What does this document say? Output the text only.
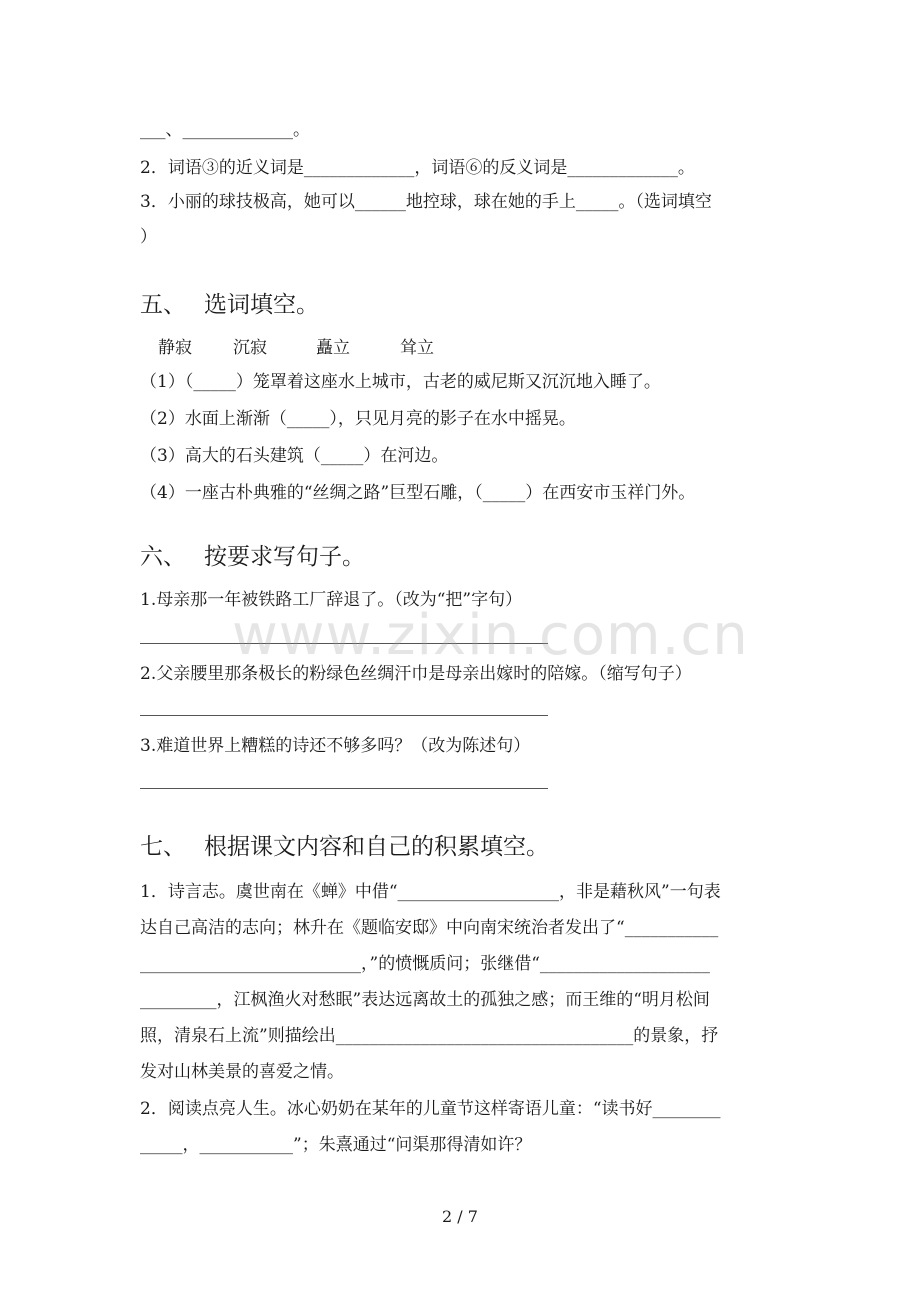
___、_____________。
2．词语③的近义词是_____________，词语⑥的反义词是_____________。
3．小丽的球技极高，她可以______地控球，球在她的手上_____。（选词填空
）
五、 选词填空。
静寂 沉寂	矗立	耸立
（1）（_____）笼罩着这座水上城市，古老的威尼斯又沉沉地入睡了。
（2）水面上渐渐（_____），只见月亮的影子在水中摇晃。
（3）高大的石头建筑（_____）在河边。
（4）一座古朴典雅的“丝绸之路”巨型石雕，（_____）在西安市玉祥门外。
六、 按要求写句子。
1.母亲那一年被铁路工厂辞退了。（改为“把”字句）
2.父亲腰里那条极长的粉绿色丝绸汗巾是母亲出嫁时的陪嫁。（缩写句子）
3.难道世界上糟糕的诗还不够多吗？（改为陈述句）
七、 根据课文内容和自己的积累填空。
1．诗言志。虞世南在《蝉》中借“___________________，非是藉秋风”一句表
达自己高洁的志向；林升在《题临安邸》中向南宋统治者发出了“___________
__________________________，”的愤慨质问；张继借“____________________
_________，江枫渔火对愁眠”表达远离故土的孤独之感；而王维的“明月松间
照，清泉石上流”则描绘出___________________________________的景象，抒
发对山林美景的喜爱之情。
2．阅读点亮人生。冰心奶奶在某年的儿童节这样寄语儿童：“读书好________
_____，___________”；朱熹通过“问渠那得清如许？
www.zixin.com.cn
2 / 7
